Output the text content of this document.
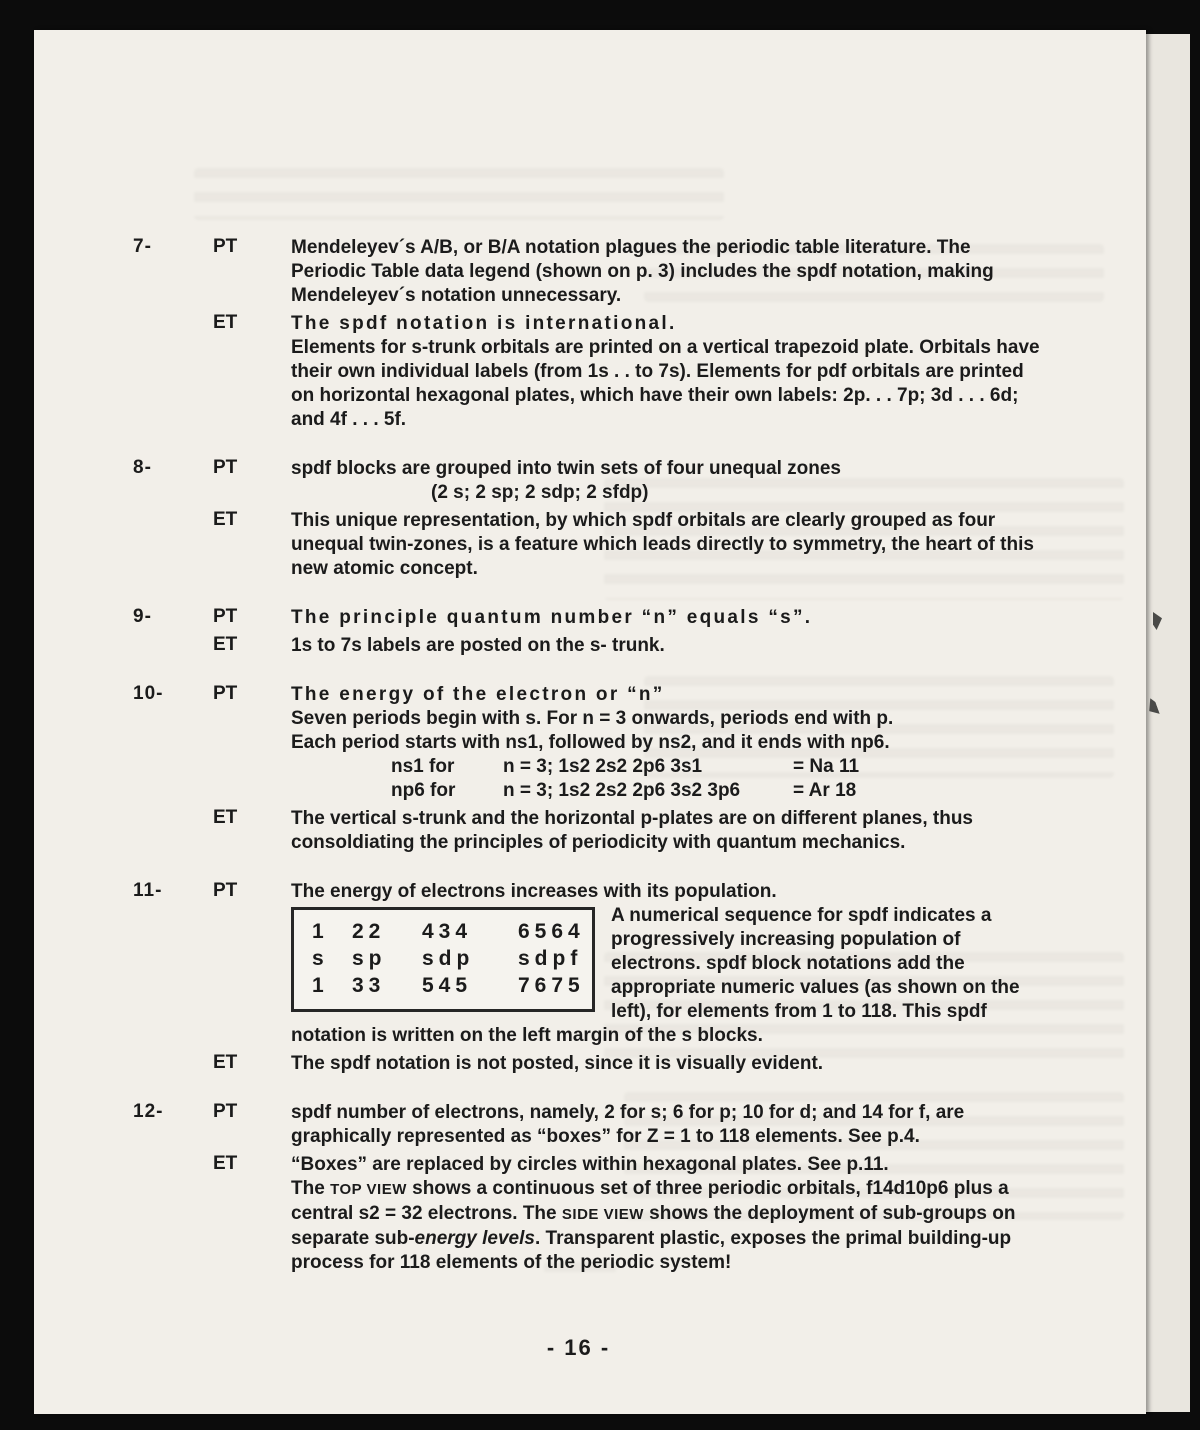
7-	PT	Mendeleyev´s A/B, or B/A notation plagues the periodic table literature. The Periodic Table data legend (shown on p. 3) includes the spdf notation, making Mendeleyev´s notation unnecessary.

ET	The spdf notation is international.

Elements for s-trunk orbitals are printed on a vertical trapezoid plate. Orbitals have their own individual labels (from 1s . . to 7s). Elements for pdf orbitals are printed on horizontal hexagonal plates, which have their own labels: 2p. . . 7p; 3d . . . 6d; and 4f . . . 5f.

8-	PT	spdf blocks are grouped into twin sets of four unequal zones

(2 s; 2 sp; 2 sdp; 2 sfdp)

ET	This unique representation, by which spdf orbitals are clearly grouped as four unequal twin-zones, is a feature which leads directly to symmetry, the heart of this new atomic concept.

9-	PT	The principle quantum number “n” equals “s”.

ET	1s to 7s labels are posted on the s- trunk.

10-	PT	The energy of the electron or “n”

Seven periods begin with s. For n = 3 onwards, periods end with p.

Each period starts with ns1, followed by ns2, and it ends with np6.

ns1 for	n = 3; 1s2 2s2 2p6 3s1	= Na 11

np6 for	n = 3; 1s2 2s2 2p6 3s2 3p6	= Ar 18

ET	The vertical s-trunk and the horizontal p-plates are on different planes, thus consoldiating the principles of periodicity with quantum mechanics.

11-	PT	The energy of electrons increases with its population.

1	22	434	6564
s	sp	sdp	sdpf
1	33	545	7675

A numerical sequence for spdf indicates a progressively increasing population of electrons. spdf block notations add the appropriate numeric values (as shown on the left), for elements from 1 to 118. This spdf notation is written on the left margin of the s blocks.

ET	The spdf notation is not posted, since it is visually evident.

12-	PT	spdf number of electrons, namely, 2 for s; 6 for p; 10 for d; and 14 for f, are graphically represented as “boxes” for Z = 1 to 118 elements. See p.4.

ET	“Boxes” are replaced by circles within hexagonal plates. See p.11.

The TOP VIEW shows a continuous set of three periodic orbitals, f14d10p6 plus a central s2 = 32 electrons. The SIDE VIEW shows the deployment of sub-groups on separate sub-energy levels. Transparent plastic, exposes the primal building-up process for 118 elements of the periodic system!

- 16 -
